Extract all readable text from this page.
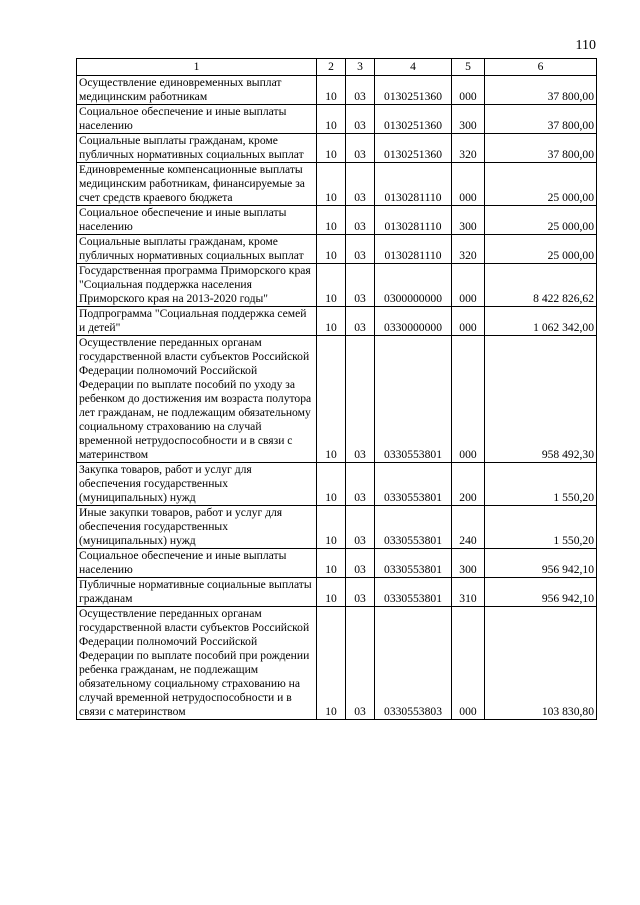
110
1	2	3	4	5	6
Осуществление единовременных выплат медицинским работникам	10	03	0130251360	000	37 800,00
Социальное обеспечение и иные выплаты населению	10	03	0130251360	300	37 800,00
Социальные выплаты гражданам, кроме публичных нормативных социальных выплат	10	03	0130251360	320	37 800,00
Единовременные компенсационные выплаты медицинским работникам, финансируемые за счет средств краевого бюджета	10	03	0130281110	000	25 000,00
Социальное обеспечение и иные выплаты населению	10	03	0130281110	300	25 000,00
Социальные выплаты гражданам, кроме публичных нормативных социальных выплат	10	03	0130281110	320	25 000,00
Государственная программа Приморского края "Социальная поддержка населения Приморского края на 2013-2020 годы"	10	03	0300000000	000	8 422 826,62
Подпрограмма "Социальная поддержка семей и детей"	10	03	0330000000	000	1 062 342,00
Осуществление переданных органам государственной власти субъектов Российской Федерации полномочий Российской Федерации по выплате пособий по уходу за ребенком до достижения им возраста полутора лет гражданам, не подлежащим обязательному социальному страхованию на случай временной нетрудоспособности и в связи с материнством	10	03	0330553801	000	958 492,30
Закупка товаров, работ и услуг для обеспечения государственных (муниципальных) нужд	10	03	0330553801	200	1 550,20
Иные закупки товаров, работ и услуг для обеспечения государственных (муниципальных) нужд	10	03	0330553801	240	1 550,20
Социальное обеспечение и иные выплаты населению	10	03	0330553801	300	956 942,10
Публичные нормативные социальные выплаты гражданам	10	03	0330553801	310	956 942,10
Осуществление переданных органам государственной власти субъектов Российской Федерации полномочий Российской Федерации по выплате пособий при рождении ребенка гражданам, не подлежащим обязательному социальному страхованию на случай временной нетрудоспособности и в связи с материнством	10	03	0330553803	000	103 830,80
